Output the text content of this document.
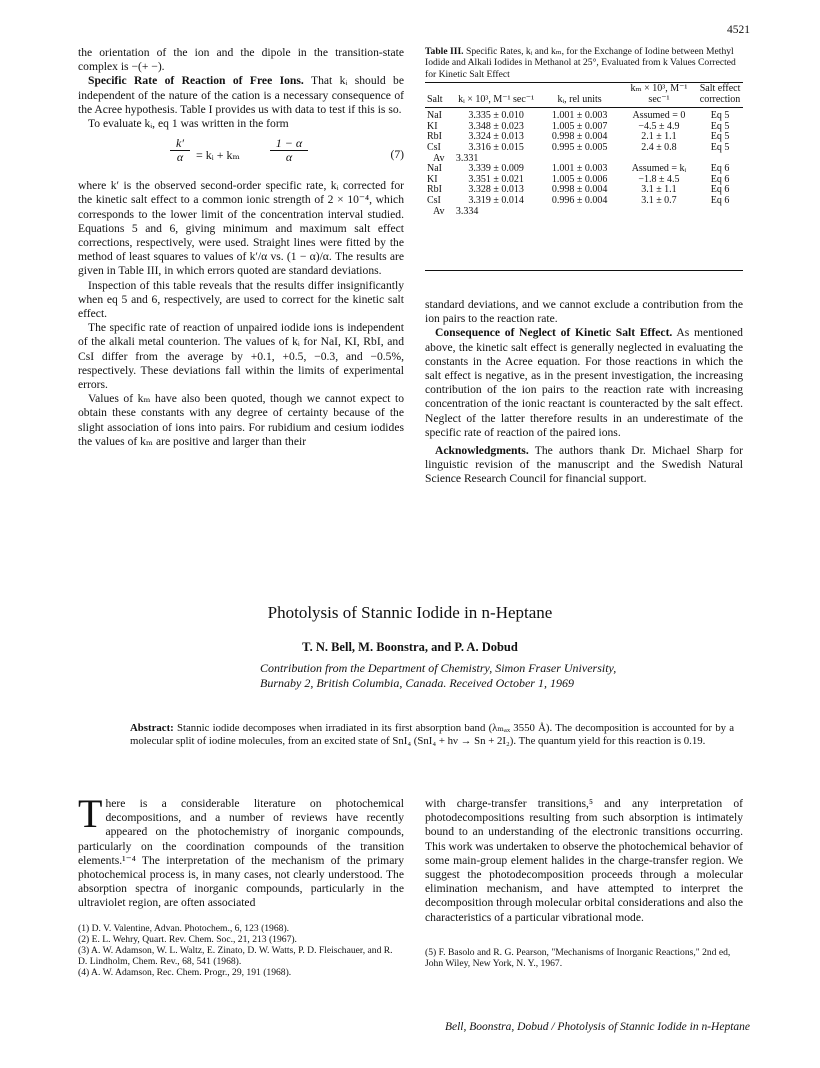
4521

the orientation of the ion and the dipole in the transition-state complex is −(+ −).

Specific Rate of Reaction of Free Ions. That kᵢ should be independent of the nature of the cation is a necessary consequence of the Acree hypothesis. Table I provides us with data to test if this is so.

To evaluate kᵢ, eq 1 was written in the form

$\frac{k'}{\alpha}$ = kᵢ + kₘ	$\frac{1 - \alpha}{\alpha}$	(7)

where k′ is the observed second-order specific rate, kᵢ corrected for the kinetic salt effect to a common ionic strength of 2 × 10⁻⁴, which corresponds to the lower limit of the concentration interval studied. Equations 5 and 6, giving minimum and maximum salt effect corrections, respectively, were used. Straight lines were fitted by the method of least squares to values of k′/α vs. (1 − α)/α. The results are given in Table III, in which errors quoted are standard deviations.

Inspection of this table reveals that the results differ insignificantly when eq 5 and 6, respectively, are used to correct for the kinetic salt effect.

The specific rate of reaction of unpaired iodide ions is independent of the alkali metal counterion. The values of kᵢ for NaI, KI, RbI, and CsI differ from the average by +0.1, +0.5, −0.3, and −0.5%, respectively. These deviations fall within the limits of experimental errors.

Values of kₘ have also been quoted, though we cannot expect to obtain these constants with any degree of certainty because of the slight association of ions into pairs. For rubidium and cesium iodides the values of kₘ are positive and larger than their

Table III. Specific Rates, kᵢ and kₘ, for the Exchange of Iodine between Methyl Iodide and Alkali Iodides in Methanol at 25°, Evaluated from k Values Corrected for Kinetic Salt Effect
Salt	kᵢ × 10³, M⁻¹ sec⁻¹	kᵢ, rel units	kₘ × 10³, M⁻¹ sec⁻¹	Salt effect correction
NaI	3.335 ± 0.010	1.001 ± 0.003	Assumed = 0	Eq 5
KI	3.348 ± 0.023	1.005 ± 0.007	−4.5 ± 4.9	Eq 5
RbI	3.324 ± 0.013	0.998 ± 0.004	2.1 ± 1.1	Eq 5
CsI	3.316 ± 0.015	0.995 ± 0.005	2.4 ± 0.8	Eq 5
Av	3.331			
NaI	3.339 ± 0.009	1.001 ± 0.003	Assumed = kᵢ	Eq 6
KI	3.351 ± 0.021	1.005 ± 0.006	−1.8 ± 4.5	Eq 6
RbI	3.328 ± 0.013	0.998 ± 0.004	3.1 ± 1.1	Eq 6
CsI	3.319 ± 0.014	0.996 ± 0.004	3.1 ± 0.7	Eq 6
Av	3.334			

standard deviations, and we cannot exclude a contribution from the ion pairs to the reaction rate.

Consequence of Neglect of Kinetic Salt Effect. As mentioned above, the kinetic salt effect is generally neglected in evaluating the constants in the Acree equation. For those reactions in which the salt effect is negative, as in the present investigation, the increasing contribution of the ion pairs to the reaction rate with increasing concentration of the ionic reactant is counteracted by the salt effect. Neglect of the latter therefore results in an underestimate of the specific rate of reaction of the paired ions.

Acknowledgments. The authors thank Dr. Michael Sharp for linguistic revision of the manuscript and the Swedish Natural Science Research Council for financial support.

Photolysis of Stannic Iodide in n-Heptane
T. N. Bell, M. Boonstra, and P. A. Dobud
Contribution from the Department of Chemistry, Simon Fraser University,
Burnaby 2, British Columbia, Canada. Received October 1, 1969
Abstract: Stannic iodide decomposes when irradiated in its first absorption band (λₘₐₓ 3550 Å). The decomposition is accounted for by a molecular split of iodine molecules, from an excited state of SnI₄ (SnI₄ + hν → Sn + 2I₂). The quantum yield for this reaction is 0.19.

There is a considerable literature on photochemical decompositions, and a number of reviews have recently appeared on the photochemistry of inorganic compounds, particularly on the coordination compounds of the transition elements.¹⁻⁴ The interpretation of the mechanism of the primary photochemical process is, in many cases, not clearly understood. The absorption spectra of inorganic compounds, particularly in the ultraviolet region, are often associated

(1) D. V. Valentine, Advan. Photochem., 6, 123 (1968).
(2) E. L. Wehry, Quart. Rev. Chem. Soc., 21, 213 (1967).
(3) A. W. Adamson, W. L. Waltz, E. Zinato, D. W. Watts, P. D. Fleischauer, and R. D. Lindholm, Chem. Rev., 68, 541 (1968).
(4) A. W. Adamson, Rec. Chem. Progr., 29, 191 (1968).

with charge-transfer transitions,⁵ and any interpretation of photodecompositions resulting from such absorption is intimately bound to an understanding of the electronic transitions occurring. This work was undertaken to observe the photochemical behavior of some main-group element halides in the charge-transfer region. We suggest the photodecomposition proceeds through a molecular elimination mechanism, and have attempted to interpret the decomposition through molecular orbital considerations and also the characteristics of a particular vibrational mode.

(5) F. Basolo and R. G. Pearson, "Mechanisms of Inorganic Reactions," 2nd ed, John Wiley, New York, N. Y., 1967.
Bell, Boonstra, Dobud / Photolysis of Stannic Iodide in n-Heptane
